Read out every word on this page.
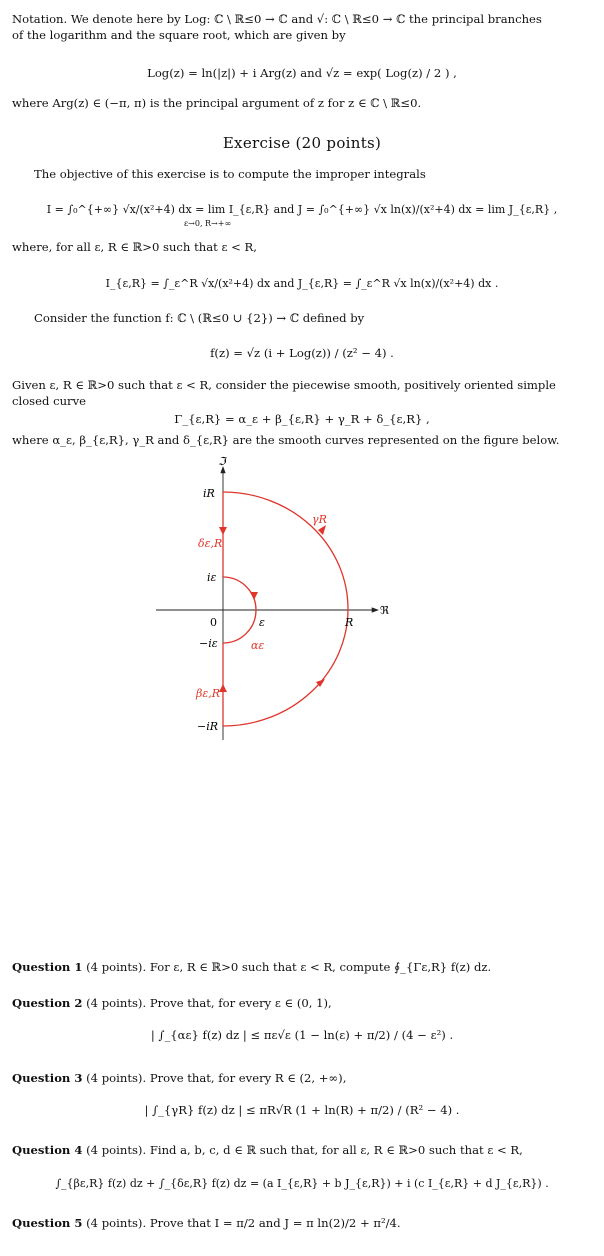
Notation. We denote here by Log: ℂ \ ℝ≤0 → ℂ and √: ℂ \ ℝ≤0 → ℂ the principal branches
of the logarithm and the square root, which are given by
Log(z) = ln(|z|) + i Arg(z) and √z = exp( Log(z) / 2 ) ,
where Arg(z) ∈ (−π, π) is the principal argument of z for z ∈ ℂ \ ℝ≤0.
Exercise (20 points)
The objective of this exercise is to compute the improper integrals
I = ∫₀^{+∞} √x/(x²+4) dx = lim I_{ε,R} and J = ∫₀^{+∞} √x ln(x)/(x²+4) dx = lim J_{ε,R} ,
ε→0, R→+∞
where, for all ε, R ∈ ℝ>0 such that ε < R,
I_{ε,R} = ∫_ε^R √x/(x²+4) dx and J_{ε,R} = ∫_ε^R √x ln(x)/(x²+4) dx .
Consider the function f: ℂ \ (ℝ≤0 ∪ {2}) → ℂ defined by
f(z) = √z (i + Log(z)) / (z² − 4) .
Given ε, R ∈ ℝ>0 such that ε < R, consider the piecewise smooth, positively oriented simple
closed curve
Γ_{ε,R} = α_ε + β_{ε,R} + γ_R + δ_{ε,R} ,
where α_ε, β_{ε,R}, γ_R and δ_{ε,R} are the smooth curves represented on the figure below.
ℑ
ℜ
iR
−iR
iε
−iε
0	ε	R
γR
δε,R
βε,R
αε
Question 1 (4 points). For ε, R ∈ ℝ>0 such that ε < R, compute ∮_{Γε,R} f(z) dz.
Question 2 (4 points). Prove that, for every ε ∈ (0, 1),
| ∫_{αε} f(z) dz | ≤ πε√ε (1 − ln(ε) + π/2) / (4 − ε²) .
Question 3 (4 points). Prove that, for every R ∈ (2, +∞),
| ∫_{γR} f(z) dz | ≤ πR√R (1 + ln(R) + π/2) / (R² − 4) .
Question 4 (4 points). Find a, b, c, d ∈ ℝ such that, for all ε, R ∈ ℝ>0 such that ε < R,
∫_{βε,R} f(z) dz + ∫_{δε,R} f(z) dz = (a I_{ε,R} + b J_{ε,R}) + i (c I_{ε,R} + d J_{ε,R}) .
Question 5 (4 points). Prove that I = π/2 and J = π ln(2)/2 + π²/4.
